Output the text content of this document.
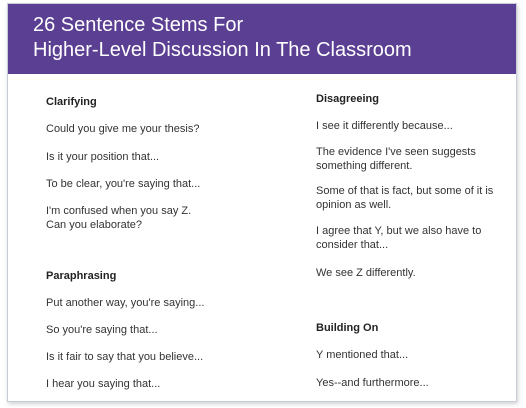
26 Sentence Stems For
Higher-Level Discussion In The Classroom
Clarifying
Could you give me your thesis?
Is it your position that...
To be clear, you're saying that...
I'm confused when you say Z. Can you elaborate?
Paraphrasing
Put another way, you're saying...
So you're saying that...
Is it fair to say that you believe...
I hear you saying that...
Disagreeing
I see it differently because...
The evidence I've seen suggests something different.
Some of that is fact, but some of it is opinion as well.
I agree that Y, but we also have to consider that...
We see Z differently.
Building On
Y mentioned that...
Yes--and furthermore...
